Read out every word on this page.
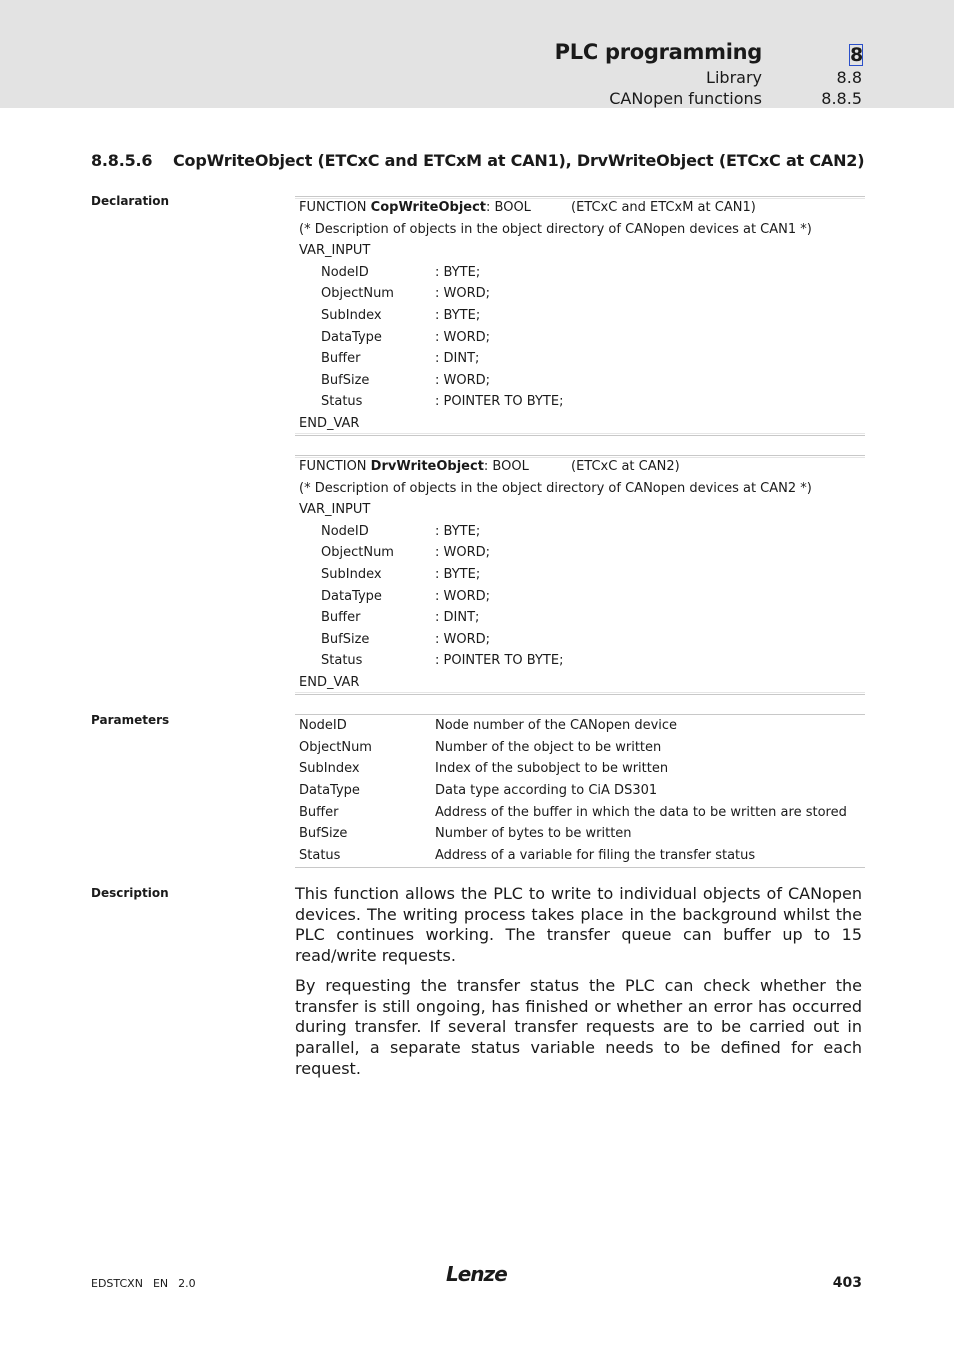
PLC programming	8
Library	8.8
CANopen functions	8.8.5
8.8.5.6 CopWriteObject (ETCxC and ETCxM at CAN1), DrvWriteObject (ETCxC at CAN2)
Declaration	FUNCTION CopWriteObject: BOOL	(ETCxC and ETCxM at CAN1)
(* Description of objects in the object directory of CANopen devices at CAN1 *)
VAR_INPUT
NodeID	: BYTE;
ObjectNum	: WORD;
SubIndex	: BYTE;
DataType	: WORD;
Buffer	: DINT;
BufSize	: WORD;
Status	: POINTER TO BYTE;
END_VAR
FUNCTION DrvWriteObject: BOOL	(ETCxC at CAN2)
(* Description of objects in the object directory of CANopen devices at CAN2 *)
VAR_INPUT
NodeID	: BYTE;
ObjectNum	: WORD;
SubIndex	: BYTE;
DataType	: WORD;
Buffer	: DINT;
BufSize	: WORD;
Status	: POINTER TO BYTE;
END_VAR
Parameters	NodeID	Node number of the CANopen device
ObjectNum	Number of the object to be written
SubIndex	Index of the subobject to be written
DataType	Data type according to CiA DS301
Buffer	Address of the buffer in which the data to be written are stored
BufSize	Number of bytes to be written
Status	Address of a variable for filing the transfer status
Description	This function allows the PLC to write to individual objects of CANopen devices. The writing process takes place in the background whilst the PLC continues working. The transfer queue can buffer up to 15 read/write requests.

By requesting the transfer status the PLC can check whether the transfer is still ongoing, has finished or whether an error has occurred during transfer. If several transfer requests are to be carried out in parallel, a separate status variable needs to be defined for each request.

EDSTCXN EN 2.0	Lenze	403
